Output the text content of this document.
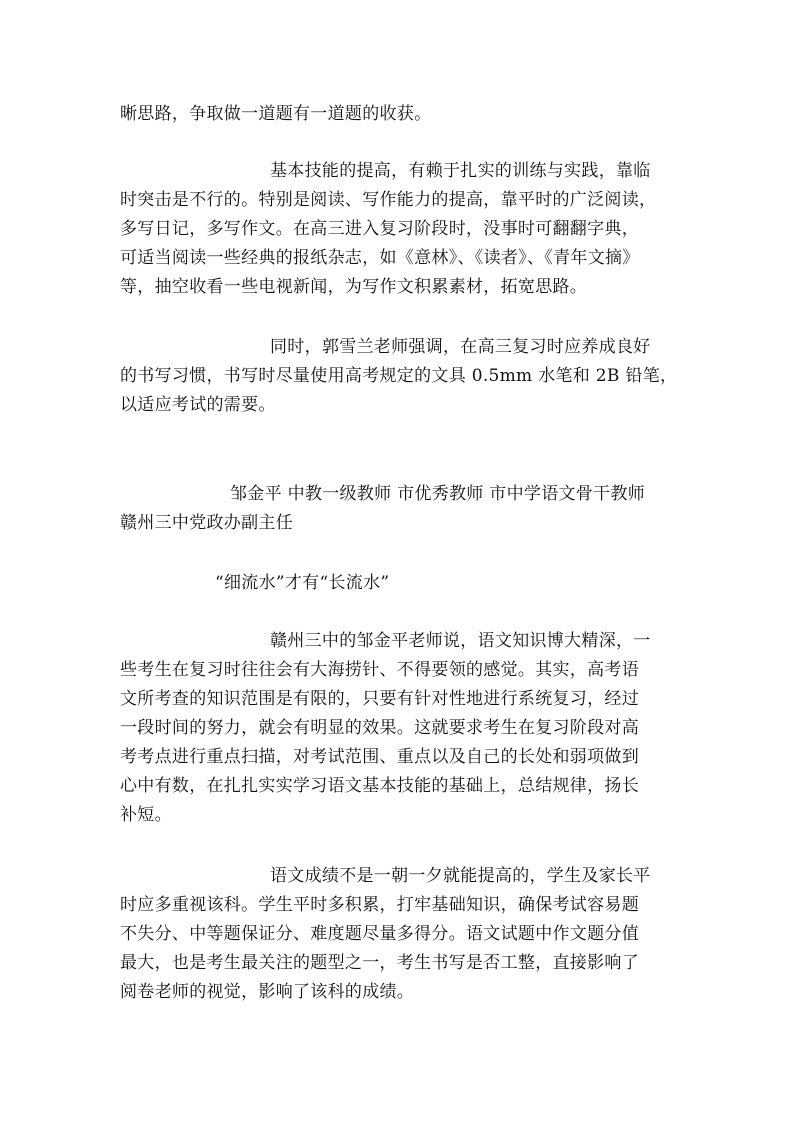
晰思路，争取做一道题有一道题的收获。

基本技能的提高，有赖于扎实的训练与实践，靠临
时突击是不行的。特别是阅读、写作能力的提高，靠平时的广泛阅读，
多写日记，多写作文。在高三进入复习阶段时，没事时可翻翻字典，
可适当阅读一些经典的报纸杂志，如《意林》、《读者》、《青年文摘》
等，抽空收看一些电视新闻，为写作文积累素材，拓宽思路。

同时，郭雪兰老师强调，在高三复习时应养成良好
的书写习惯，书写时尽量使用高考规定的文具 0.5mm 水笔和 2B 铅笔，
以适应考试的需要。

邹金平 中教一级教师 市优秀教师 市中学语文骨干教师
赣州三中党政办副主任

“细流水”才有“长流水”

赣州三中的邹金平老师说，语文知识博大精深，一
些考生在复习时往往会有大海捞针、不得要领的感觉。其实，高考语
文所考查的知识范围是有限的，只要有针对性地进行系统复习，经过
一段时间的努力，就会有明显的效果。这就要求考生在复习阶段对高
考考点进行重点扫描，对考试范围、重点以及自己的长处和弱项做到
心中有数，在扎扎实实学习语文基本技能的基础上，总结规律，扬长
补短。

语文成绩不是一朝一夕就能提高的，学生及家长平
时应多重视该科。学生平时多积累，打牢基础知识，确保考试容易题
不失分、中等题保证分、难度题尽量多得分。语文试题中作文题分值
最大，也是考生最关注的题型之一，考生书写是否工整，直接影响了
阅卷老师的视觉，影响了该科的成绩。
